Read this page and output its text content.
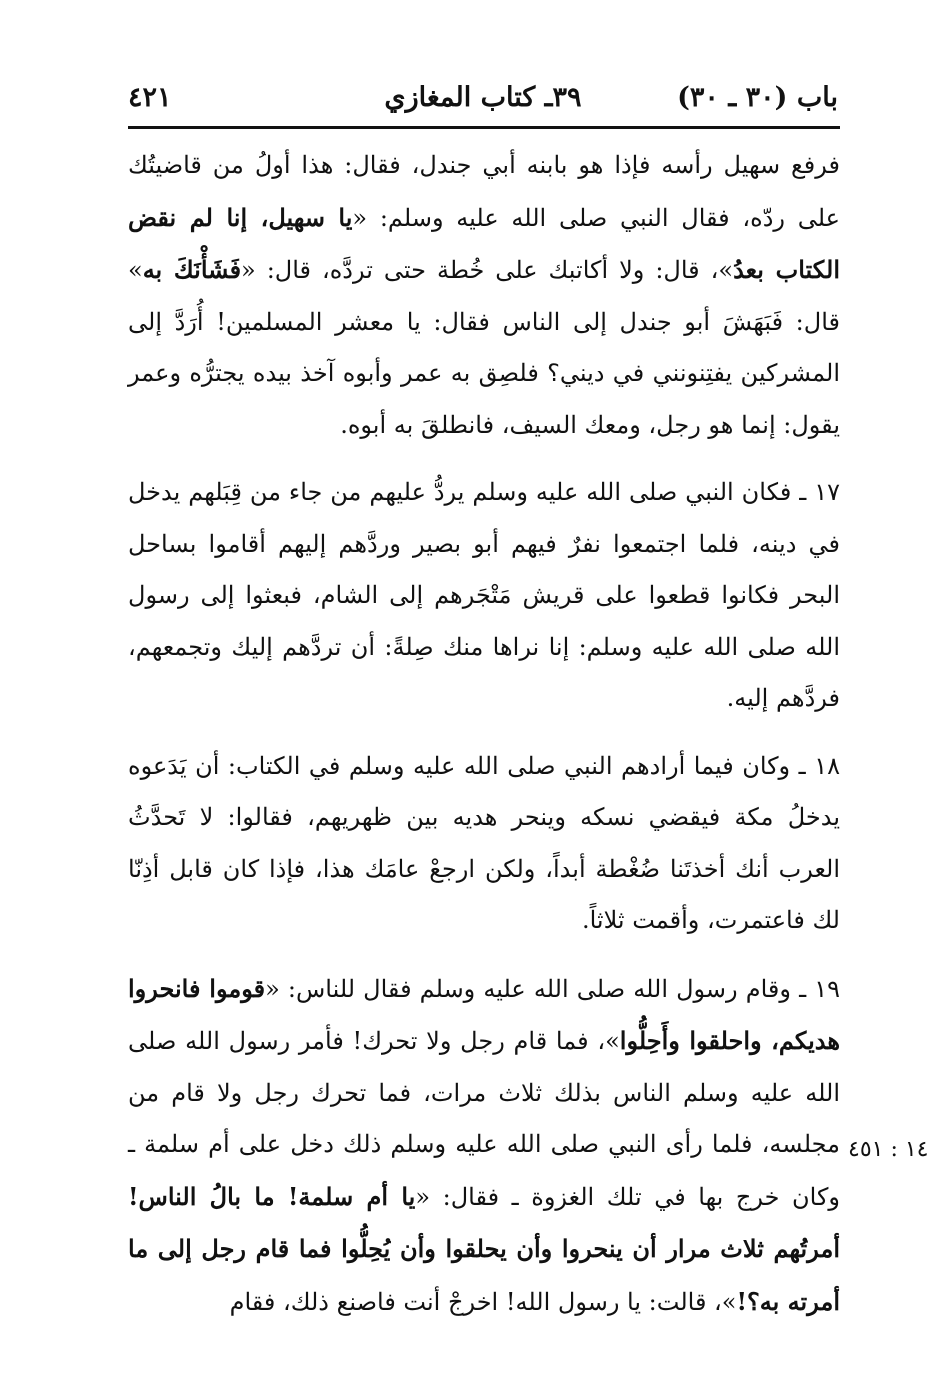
باب (٣٠ ـ ٣٠)
٣٩ـ كتاب المغازي
٤٢١

فرفع سهيل رأسه فإذا هو بابنه أبي جندل، فقال: هذا أولُ من قاضيتُك على ردّه، فقال النبي صلى الله عليه وسلم: «يا سهيل، إنا لم نقض الكتاب بعدُ»، قال: ولا أكاتبك على خُطة حتى تردَّه، قال: «فَشَأْنَكَ به» قال: فَبَهَشَ أبو جندل إلى الناس فقال: يا معشر المسلمين! أُرَدَّ إلى المشركين يفتِنونني في ديني؟ فلصِق به عمر وأبوه آخذ بيده يجترُّه وعمر يقول: إنما هو رجل، ومعك السيف، فانطلقَ به أبوه.

١٧ ـ فكان النبي صلى الله عليه وسلم يردُّ عليهم من جاء من قِبَلهم يدخل في دينه، فلما اجتمعوا نفرٌ فيهم أبو بصير وردَّهم إليهم أقاموا بساحل البحر فكانوا قطعوا على قريش مَتْجَرهم إلى الشام، فبعثوا إلى رسول الله صلى الله عليه وسلم: إنا نراها منك صِلةً: أن تردَّهم إليك وتجمعهم، فردَّهم إليه.

١٨ ـ وكان فيما أرادهم النبي صلى الله عليه وسلم في الكتاب: أن يَدَعوه يدخلُ مكة فيقضي نسكه وينحر هديه بين ظهريهم، فقالوا: لا تَحدَّثُ العرب أنك أخذتَنا ضُغْطة أبداً، ولكن ارجعْ عامَك هذا، فإذا كان قابل أذِنّا لك فاعتمرت، وأقمت ثلاثاً.

١٩ ـ وقام رسول الله صلى الله عليه وسلم فقال للناس: «قوموا فانحروا هديكم، واحلقوا وأَحِلُّوا»، فما قام رجل ولا تحرك! فأمر رسول الله صلى الله عليه وسلم الناس بذلك ثلاث مرات، فما تحرك رجل ولا قام من مجلسه، فلما رأى النبي صلى الله عليه وسلم ذلك دخل على أم سلمة ـ وكان خرج بها في تلك الغزوة ـ فقال: «يا أم سلمة! ما بالُ الناس! أمرتُهم ثلاث مرار أن ينحروا وأن يحلقوا وأن يُحِلُّوا فما قام رجل إلى ما أمرته به؟!»، قالت: يا رسول الله! اخرجْ أنت فاصنع ذلك، فقام

١٤ : ٤٥١
